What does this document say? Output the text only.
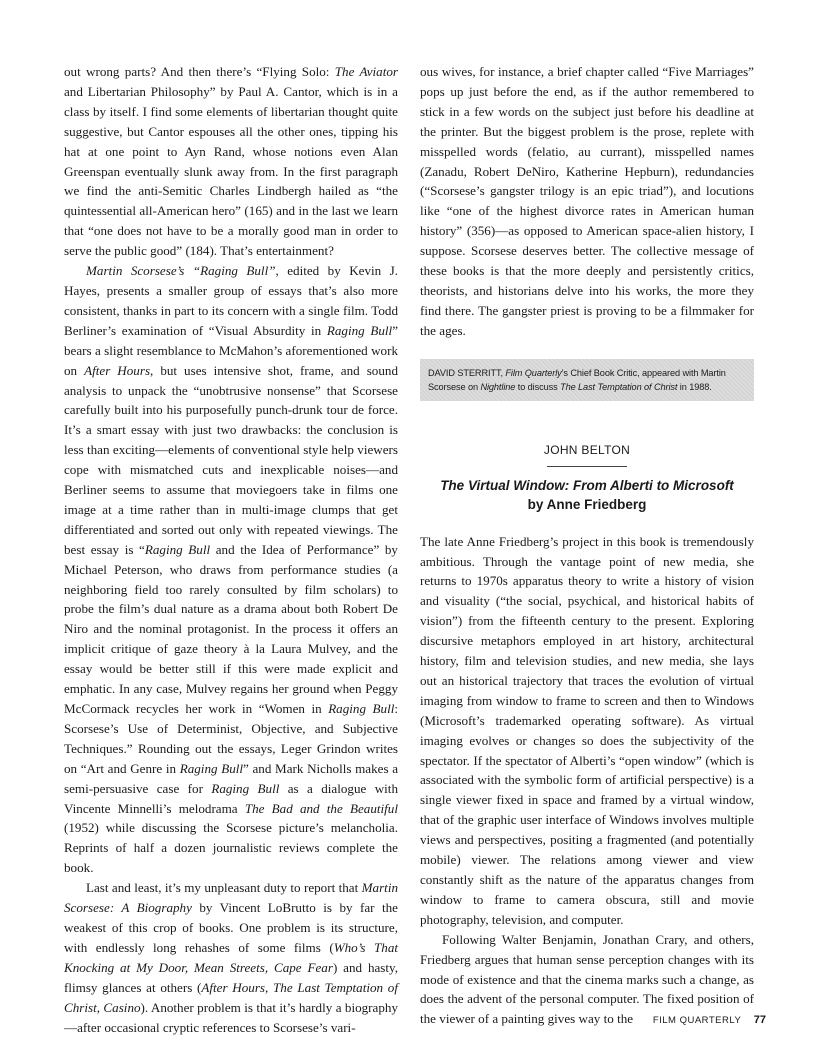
out wrong parts? And then there’s “Flying Solo: The Aviator and Libertarian Philosophy” by Paul A. Cantor, which is in a class by itself. I find some elements of libertarian thought quite suggestive, but Cantor espouses all the other ones, tipping his hat at one point to Ayn Rand, whose notions even Alan Greenspan eventually slunk away from. In the first paragraph we find the anti-Semitic Charles Lindbergh hailed as “the quintessential all-American hero” (165) and in the last we learn that “one does not have to be a morally good man in order to serve the public good” (184). That’s entertainment?

Martin Scorsese’s “Raging Bull”, edited by Kevin J. Hayes, presents a smaller group of essays that’s also more consistent, thanks in part to its concern with a single film. Todd Berliner’s examination of “Visual Absurdity in Raging Bull” bears a slight resemblance to McMahon’s aforementioned work on After Hours, but uses intensive shot, frame, and sound analysis to unpack the “unobtrusive nonsense” that Scorsese carefully built into his purposefully punch-drunk tour de force. It’s a smart essay with just two drawbacks: the conclusion is less than exciting—elements of conventional style help viewers cope with mismatched cuts and inexplicable noises—and Berliner seems to assume that moviegoers take in films one image at a time rather than in multi-image clumps that get differentiated and sorted out only with repeated viewings. The best essay is “Raging Bull and the Idea of Performance” by Michael Peterson, who draws from performance studies (a neighboring field too rarely consulted by film scholars) to probe the film’s dual nature as a drama about both Robert De Niro and the nominal protagonist. In the process it offers an implicit critique of gaze theory à la Laura Mulvey, and the essay would be better still if this were made explicit and emphatic. In any case, Mulvey regains her ground when Peggy McCormack recycles her work in “Women in Raging Bull: Scorsese’s Use of Determinist, Objective, and Subjective Techniques.” Rounding out the essays, Leger Grindon writes on “Art and Genre in Raging Bull” and Mark Nicholls makes a semi-persuasive case for Raging Bull as a dialogue with Vincente Minnelli’s melodrama The Bad and the Beautiful (1952) while discussing the Scorsese picture’s melancholia. Reprints of half a dozen journalistic reviews complete the book.

Last and least, it’s my unpleasant duty to report that Martin Scorsese: A Biography by Vincent LoBrutto is by far the weakest of this crop of books. One problem is its structure, with endlessly long rehashes of some films (Who’s That Knocking at My Door, Mean Streets, Cape Fear) and hasty, flimsy glances at others (After Hours, The Last Temptation of Christ, Casino). Another problem is that it’s hardly a biography—after occasional cryptic references to Scorsese’s vari-

ous wives, for instance, a brief chapter called “Five Marriages” pops up just before the end, as if the author remembered to stick in a few words on the subject just before his deadline at the printer. But the biggest problem is the prose, replete with misspelled words (felatio, au currant), misspelled names (Zanadu, Robert DeNiro, Katherine Hepburn), redundancies (“Scorsese’s gangster trilogy is an epic triad”), and locutions like “one of the highest divorce rates in American human history” (356)—as opposed to American space-alien history, I suppose. Scorsese deserves better. The collective message of these books is that the more deeply and persistently critics, theorists, and historians delve into his works, the more they find there. The gangster priest is proving to be a filmmaker for the ages.

DAVID STERRITT, Film Quarterly’s Chief Book Critic, appeared with Martin Scorsese on Nightline to discuss The Last Temptation of Christ in 1988.
JOHN BELTON
The Virtual Window: From Alberti to Microsoft
by Anne Friedberg

The late Anne Friedberg’s project in this book is tremendously ambitious. Through the vantage point of new media, she returns to 1970s apparatus theory to write a history of vision and visuality (“the social, psychical, and historical habits of vision”) from the fifteenth century to the present. Exploring discursive metaphors employed in art history, architectural history, film and television studies, and new media, she lays out an historical trajectory that traces the evolution of virtual imaging from window to frame to screen and then to Windows (Microsoft’s trademarked operating software). As virtual imaging evolves or changes so does the subjectivity of the spectator. If the spectator of Alberti’s “open window” (which is associated with the symbolic form of artificial perspective) is a single viewer fixed in space and framed by a virtual window, that of the graphic user interface of Windows involves multiple views and perspectives, positing a fragmented (and potentially mobile) viewer. The relations among viewer and view constantly shift as the nature of the apparatus changes from window to frame to camera obscura, still and movie photography, television, and computer.

Following Walter Benjamin, Jonathan Crary, and others, Friedberg argues that human sense perception changes with its mode of existence and that the cinema marks such a change, as does the advent of the personal computer. The fixed position of the viewer of a painting gives way to the	FILM QUARTERLY 77
